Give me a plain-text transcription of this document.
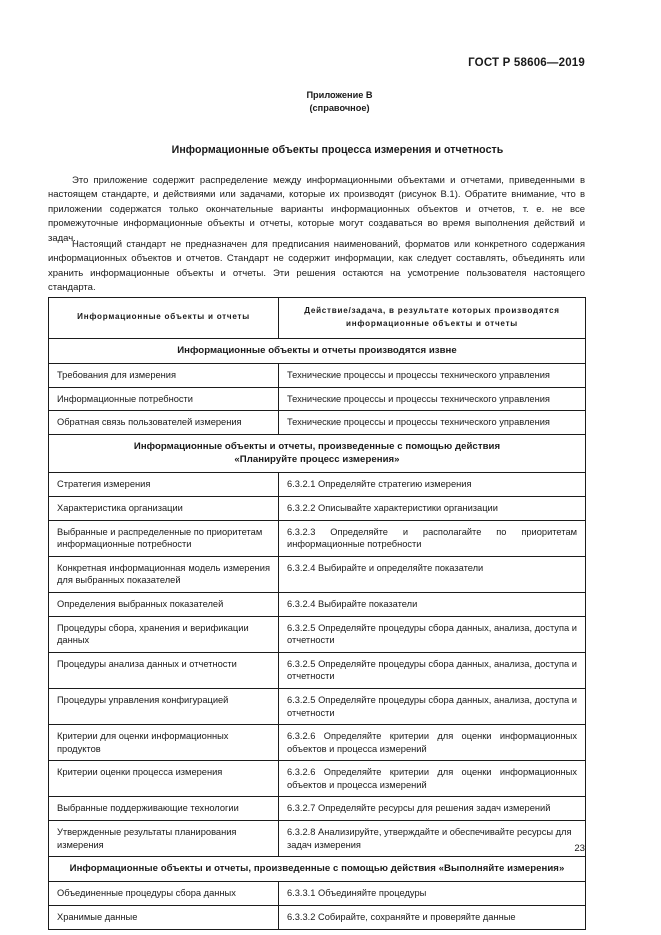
ГОСТ Р 58606—2019
Приложение В
(справочное)
Информационные объекты процесса измерения и отчетность

Это приложение содержит распределение между информационными объектами и отчетами, приведенными в настоящем стандарте, и действиями или задачами, которые их производят (рисунок В.1). Обратите внимание, что в приложении содержатся только окончательные варианты информационных объектов и отчетов, т. е. не все промежуточные информационные объекты и отчеты, которые могут создаваться во время выполнения действий и задач.

Настоящий стандарт не предназначен для предписания наименований, форматов или конкретного содержания информационных объектов и отчетов. Стандарт не содержит информации, как следует составлять, объединять или хранить информационные объекты и отчеты. Эти решения остаются на усмотрение пользователя настоящего стандарта.

Информационные объекты и отчеты	Действие/задача, в результате которых производятся
информационные объекты и отчеты
Информационные объекты и отчеты производятся извне	
Требования для измерения	Технические процессы и процессы технического управления
Информационные потребности	Технические процессы и процессы технического управления
Обратная связь пользователей измерения	Технические процессы и процессы технического управления
Информационные объекты и отчеты, произведенные с помощью действия
«Планируйте процесс измерения»	
Стратегия измерения	6.3.2.1 Определяйте стратегию измерения
Характеристика организации	6.3.2.2 Описывайте характеристики организации
Выбранные и распределенные по приоритетам информационные потребности	6.3.2.3 Определяйте и располагайте по приоритетам информационные потребности
Конкретная информационная модель измерения для выбранных показателей	6.3.2.4 Выбирайте и определяйте показатели
Определения выбранных показателей	6.3.2.4 Выбирайте показатели
Процедуры сбора, хранения и верификации данных	6.3.2.5 Определяйте процедуры сбора данных, анализа, доступа и отчетности
Процедуры анализа данных и отчетности	6.3.2.5 Определяйте процедуры сбора данных, анализа, доступа и отчетности
Процедуры управления конфигурацией	6.3.2.5 Определяйте процедуры сбора данных, анализа, доступа и отчетности
Критерии для оценки информационных продуктов	6.3.2.6 Определяйте критерии для оценки информационных объектов и процесса измерений
Критерии оценки процесса измерения	6.3.2.6 Определяйте критерии для оценки информационных объектов и процесса измерений
Выбранные поддерживающие технологии	6.3.2.7 Определяйте ресурсы для решения задач измерений
Утвержденные результаты планирования измерения	6.3.2.8 Анализируйте, утверждайте и обеспечивайте ресурсы для задач измерения
Информационные объекты и отчеты, произведенные с помощью действия «Выполняйте измерения»	
Объединенные процедуры сбора данных	6.3.3.1 Объединяйте процедуры
Хранимые данные	6.3.3.2 Собирайте, сохраняйте и проверяйте данные
23
